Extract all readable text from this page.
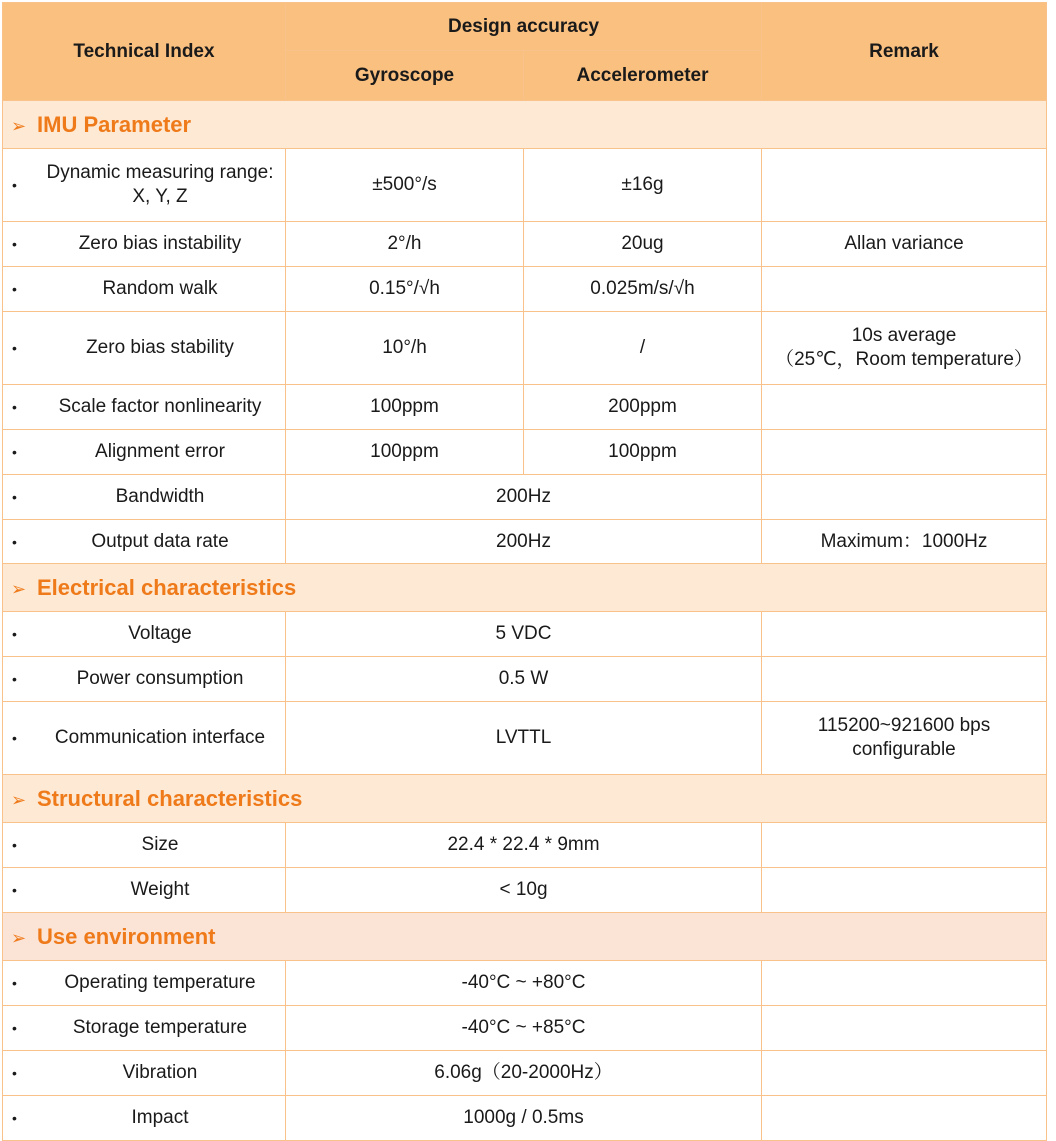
Technical Index	Design accuracy		Remark
	Gyroscope	Accelerometer	
➢ IMU Parameter			
•Dynamic measuring range: X, Y, Z	±500°/s	±16g	
• Zero bias instability	2°/h	20ug	Allan variance
• Random walk	0.15°/√h	0.025m/s/√h	
• Zero bias stability	10°/h	/	10s average
（25℃，Room temperature）

• Scale factor nonlinearity	100ppm	200ppm	
• Alignment error	100ppm	100ppm	
• Bandwidth	200Hz		
• Output data rate	200Hz		Maximum：1000Hz
➢ Electrical characteristics			
• Voltage	5 VDC		
• Power consumption	0.5 W		
• Communication interface	LVTTL		115200~921600 bps
configurable

➢ Structural characteristics			
• Size	22.4 * 22.4 * 9mm		
• Weight	< 10g		
➢ Use environment			
• Operating temperature	-40°C ~ +80°C		
• Storage temperature	-40°C ~ +85°C		
• Vibration	6.06g（20-2000Hz）		
• Impact	1000g / 0.5ms		
